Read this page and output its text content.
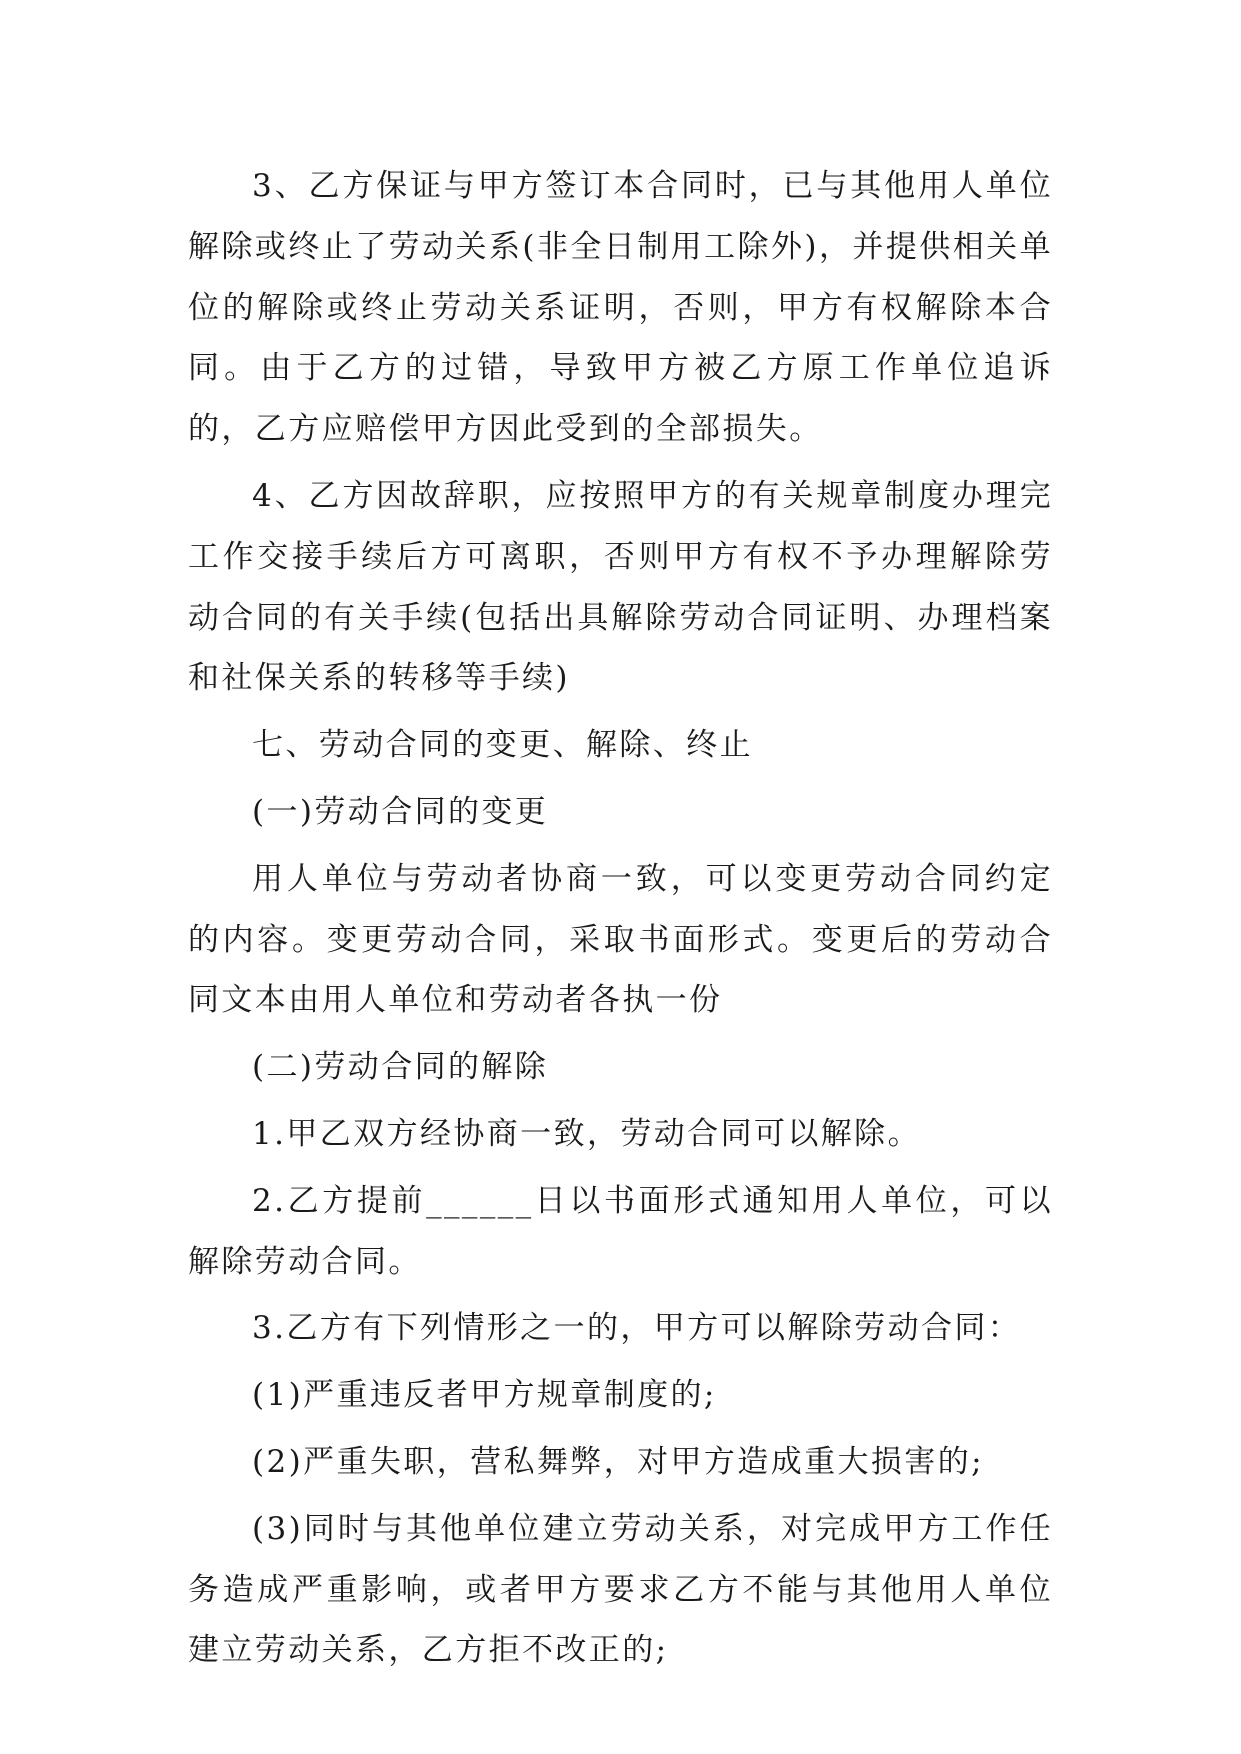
3、乙方保证与甲方签订本合同时，已与其他用人单位解除或终止了劳动关系(非全日制用工除外)，并提供相关单位的解除或终止劳动关系证明，否则，甲方有权解除本合同。由于乙方的过错，导致甲方被乙方原工作单位追诉的，乙方应赔偿甲方因此受到的全部损失。

4、乙方因故辞职，应按照甲方的有关规章制度办理完工作交接手续后方可离职，否则甲方有权不予办理解除劳动合同的有关手续(包括出具解除劳动合同证明、办理档案和社保关系的转移等手续)

七、劳动合同的变更、解除、终止

(一)劳动合同的变更

用人单位与劳动者协商一致，可以变更劳动合同约定的内容。变更劳动合同，采取书面形式。变更后的劳动合同文本由用人单位和劳动者各执一份

(二)劳动合同的解除

1.甲乙双方经协商一致，劳动合同可以解除。

2.乙方提前______日以书面形式通知用人单位，可以解除劳动合同。

3.乙方有下列情形之一的，甲方可以解除劳动合同：

(1)严重违反者甲方规章制度的;

(2)严重失职，营私舞弊，对甲方造成重大损害的;

(3)同时与其他单位建立劳动关系，对完成甲方工作任务造成严重影响，或者甲方要求乙方不能与其他用人单位建立劳动关系，乙方拒不改正的;
